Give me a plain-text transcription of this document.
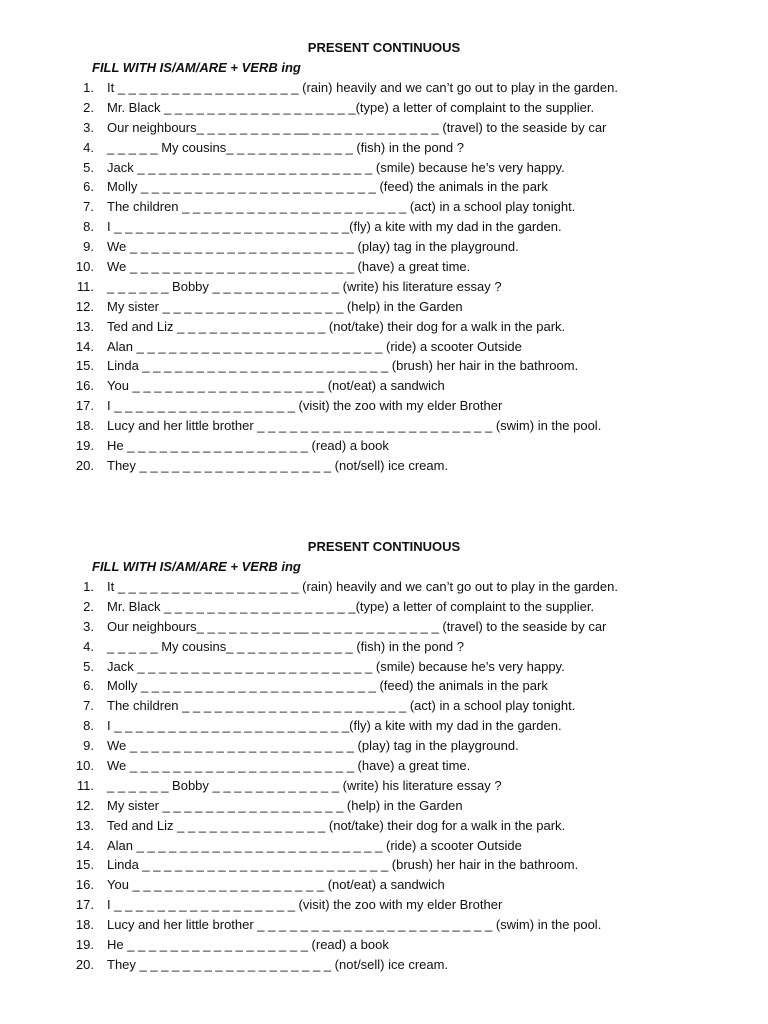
PRESENT CONTINUOUS
FILL WITH IS/AM/ARE + VERB ing
1. It _ _ _ _ _ _ _ _ _ _ _ _ _ _ _ _ _ (rain) heavily and we can’t go out to play in the garden.
2. Mr. Black _ _ _ _ _ _ _ _ _ _ _ _ _ _ _ _ _ _(type) a letter of complaint to the supplier.
3. Our neighbours_ _ _ _ _ _ _ _ _ __ _ _ _ _ _ _ _ _ _ _ _ _ (travel) to the seaside by car
4. _ _ _ _ _ My cousins_ _ _ _ _ _ _ _ _ _ _ _ (fish) in the pond ?
5. Jack _ _ _ _ _ _ _ _ _ _ _ _ _ _ _ _ _ _ _ _ _ _ (smile) because he’s very happy.
6. Molly _ _ _ _ _ _ _ _ _ _ _ _ _ _ _ _ _ _ _ _ _ _ (feed) the animals in the park
7. The children _ _ _ _ _ _ _ _ _ _ _ _ _ _ _ _ _ _ _ _ _ (act) in a school play tonight.
8. I _ _ _ _ _ _ _ _ _ _ _ _ _ _ _ _ _ _ _ _ _ _(fly) a kite with my dad in the garden.
9. We _ _ _ _ _ _ _ _ _ _ _ _ _ _ _ _ _ _ _ _ _ (play) tag in the playground.
10. We _ _ _ _ _ _ _ _ _ _ _ _ _ _ _ _ _ _ _ _ _ (have) a great time.
11. _ _ _ _ _ _ Bobby _ _ _ _ _ _ _ _ _ _ _ _ (write) his literature essay ?
12. My sister _ _ _ _ _ _ _ _ _ _ _ _ _ _ _ _ _ (help) in the Garden
13. Ted and Liz _ _ _ _ _ _ _ _ _ _ _ _ _ _ (not/take) their dog for a walk in the park.
14. Alan _ _ _ _ _ _ _ _ _ _ _ _ _ _ _ _ _ _ _ _ _ _ _ (ride) a scooter Outside
15. Linda _ _ _ _ _ _ _ _ _ _ _ _ _ _ _ _ _ _ _ _ _ _ _ (brush) her hair in the bathroom.
16. You _ _ _ _ _ _ _ _ _ _ _ _ _ _ _ _ _ _ (not/eat) a sandwich
17. I _ _ _ _ _ _ _ _ _ _ _ _ _ _ _ _ _ (visit) the zoo with my elder Brother
18. Lucy and her little brother _ _ _ _ _ _ _ _ _ _ _ _ _ _ _ _ _ _ _ _ _ _ (swim) in the pool.
19. He _ _ _ _ _ _ _ _ _ _ _ _ _ _ _ _ _ (read) a book
20. They _ _ _ _ _ _ _ _ _ _ _ _ _ _ _ _ _ _ (not/sell) ice cream.
PRESENT CONTINUOUS
FILL WITH IS/AM/ARE + VERB ing
1. It _ _ _ _ _ _ _ _ _ _ _ _ _ _ _ _ _ (rain) heavily and we can’t go out to play in the garden.
2. Mr. Black _ _ _ _ _ _ _ _ _ _ _ _ _ _ _ _ _ _(type) a letter of complaint to the supplier.
3. Our neighbours_ _ _ _ _ _ _ _ _ __ _ _ _ _ _ _ _ _ _ _ _ _ (travel) to the seaside by car
4. _ _ _ _ _ My cousins_ _ _ _ _ _ _ _ _ _ _ _ (fish) in the pond ?
5. Jack _ _ _ _ _ _ _ _ _ _ _ _ _ _ _ _ _ _ _ _ _ _ (smile) because he’s very happy.
6. Molly _ _ _ _ _ _ _ _ _ _ _ _ _ _ _ _ _ _ _ _ _ _ (feed) the animals in the park
7. The children _ _ _ _ _ _ _ _ _ _ _ _ _ _ _ _ _ _ _ _ _ (act) in a school play tonight.
8. I _ _ _ _ _ _ _ _ _ _ _ _ _ _ _ _ _ _ _ _ _ _(fly) a kite with my dad in the garden.
9. We _ _ _ _ _ _ _ _ _ _ _ _ _ _ _ _ _ _ _ _ _ (play) tag in the playground.
10. We _ _ _ _ _ _ _ _ _ _ _ _ _ _ _ _ _ _ _ _ _ (have) a great time.
11. _ _ _ _ _ _ Bobby _ _ _ _ _ _ _ _ _ _ _ _ (write) his literature essay ?
12. My sister _ _ _ _ _ _ _ _ _ _ _ _ _ _ _ _ _ (help) in the Garden
13. Ted and Liz _ _ _ _ _ _ _ _ _ _ _ _ _ _ (not/take) their dog for a walk in the park.
14. Alan _ _ _ _ _ _ _ _ _ _ _ _ _ _ _ _ _ _ _ _ _ _ _ (ride) a scooter Outside
15. Linda _ _ _ _ _ _ _ _ _ _ _ _ _ _ _ _ _ _ _ _ _ _ _ (brush) her hair in the bathroom.
16. You _ _ _ _ _ _ _ _ _ _ _ _ _ _ _ _ _ _ (not/eat) a sandwich
17. I _ _ _ _ _ _ _ _ _ _ _ _ _ _ _ _ _ (visit) the zoo with my elder Brother
18. Lucy and her little brother _ _ _ _ _ _ _ _ _ _ _ _ _ _ _ _ _ _ _ _ _ _ (swim) in the pool.
19. He _ _ _ _ _ _ _ _ _ _ _ _ _ _ _ _ _ (read) a book
20. They _ _ _ _ _ _ _ _ _ _ _ _ _ _ _ _ _ _ (not/sell) ice cream.
